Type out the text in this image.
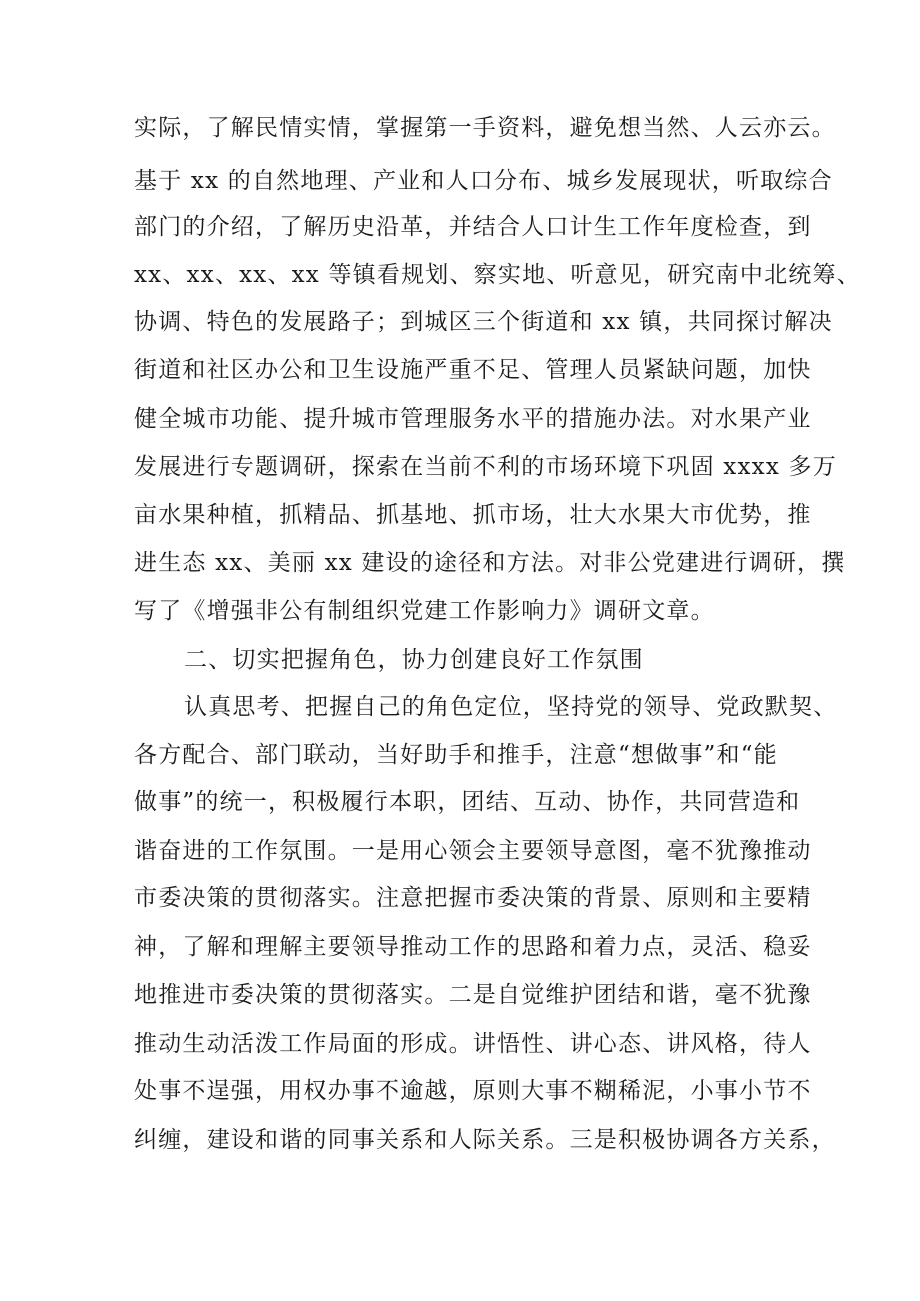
实际，了解民情实情，掌握第一手资料，避免想当然、人云亦云。
基于 xx 的自然地理、产业和人口分布、城乡发展现状，听取综合
部门的介绍，了解历史沿革，并结合人口计生工作年度检查，到
xx、xx、xx、xx 等镇看规划、察实地、听意见，研究南中北统筹、
协调、特色的发展路子；到城区三个街道和 xx 镇，共同探讨解决
街道和社区办公和卫生设施严重不足、管理人员紧缺问题，加快
健全城市功能、提升城市管理服务水平的措施办法。对水果产业
发展进行专题调研，探索在当前不利的市场环境下巩固 xxxx 多万
亩水果种植，抓精品、抓基地、抓市场，壮大水果大市优势，推
进生态 xx、美丽 xx 建设的途径和方法。对非公党建进行调研，撰
写了《增强非公有制组织党建工作影响力》调研文章。
二、切实把握角色，协力创建良好工作氛围
认真思考、把握自己的角色定位，坚持党的领导、党政默契、
各方配合、部门联动，当好助手和推手，注意“想做事”和“能
做事”的统一，积极履行本职，团结、互动、协作，共同营造和
谐奋进的工作氛围。一是用心领会主要领导意图，毫不犹豫推动
市委决策的贯彻落实。注意把握市委决策的背景、原则和主要精
神，了解和理解主要领导推动工作的思路和着力点，灵活、稳妥
地推进市委决策的贯彻落实。二是自觉维护团结和谐，毫不犹豫
推动生动活泼工作局面的形成。讲悟性、讲心态、讲风格，待人
处事不逞强，用权办事不逾越，原则大事不糊稀泥，小事小节不
纠缠，建设和谐的同事关系和人际关系。三是积极协调各方关系，
